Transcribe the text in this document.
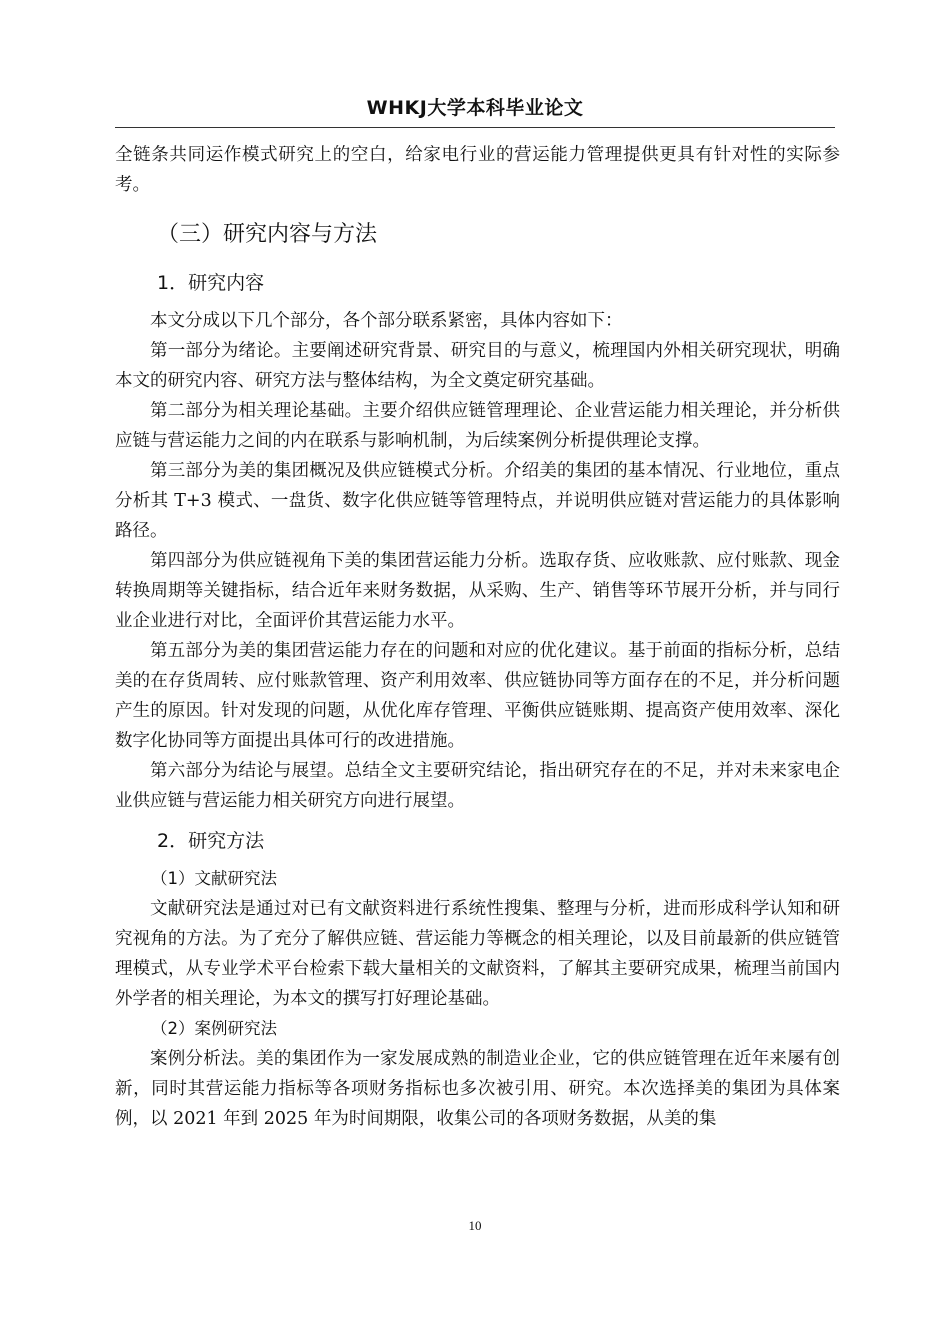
WHKJ大学本科毕业论文

全链条共同运作模式研究上的空白，给家电行业的营运能力管理提供更具有针对性的实际参考。

（三）研究内容与方法
1．研究内容

本文分成以下几个部分，各个部分联系紧密，具体内容如下：

第一部分为绪论。主要阐述研究背景、研究目的与意义，梳理国内外相关研究现状，明确本文的研究内容、研究方法与整体结构，为全文奠定研究基础。

第二部分为相关理论基础。主要介绍供应链管理理论、企业营运能力相关理论，并分析供应链与营运能力之间的内在联系与影响机制，为后续案例分析提供理论支撑。

第三部分为美的集团概况及供应链模式分析。介绍美的集团的基本情况、行业地位，重点分析其 T+3 模式、一盘货、数字化供应链等管理特点，并说明供应链对营运能力的具体影响路径。

第四部分为供应链视角下美的集团营运能力分析。选取存货、应收账款、应付账款、现金转换周期等关键指标，结合近年来财务数据，从采购、生产、销售等环节展开分析，并与同行业企业进行对比，全面评价其营运能力水平。

第五部分为美的集团营运能力存在的问题和对应的优化建议。基于前面的指标分析，总结美的在存货周转、应付账款管理、资产利用效率、供应链协同等方面存在的不足，并分析问题产生的原因。针对发现的问题，从优化库存管理、平衡供应链账期、提高资产使用效率、深化数字化协同等方面提出具体可行的改进措施。

第六部分为结论与展望。总结全文主要研究结论，指出研究存在的不足，并对未来家电企业供应链与营运能力相关研究方向进行展望。

2．研究方法
（1）文献研究法

文献研究法是通过对已有文献资料进行系统性搜集、整理与分析，进而形成科学认知和研究视角的方法。为了充分了解供应链、营运能力等概念的相关理论，以及目前最新的供应链管理模式，从专业学术平台检索下载大量相关的文献资料，了解其主要研究成果，梳理当前国内外学者的相关理论，为本文的撰写打好理论基础。

（2）案例研究法

案例分析法。美的集团作为一家发展成熟的制造业企业，它的供应链管理在近年来屡有创新，同时其营运能力指标等各项财务指标也多次被引用、研究。本次选择美的集团为具体案例，以 2021 年到 2025 年为时间期限，收集公司的各项财务数据，从美的集

10
